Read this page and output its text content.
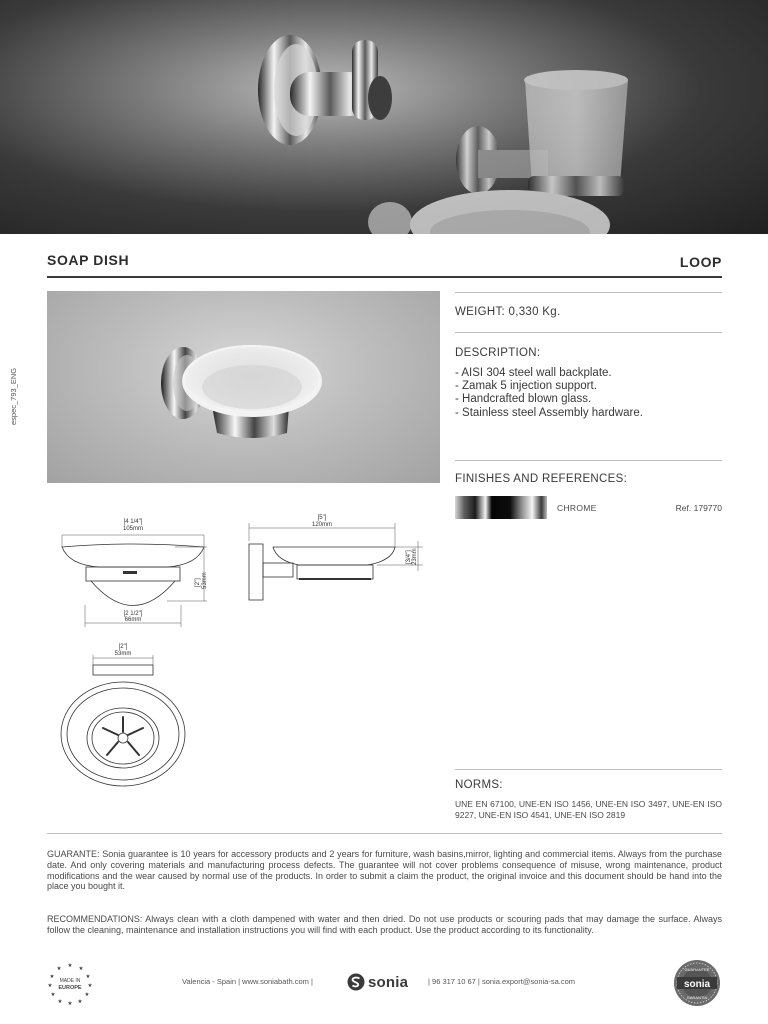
SOAP DISH	LOOP
espec_793_ENG
[4 1/4"]
105mm
[2"] 53mm
[2 1/2"]
66mm
[5"]
120mm
[3/4"] 23mm
[2"]
53mm
WEIGHT: 0,330 Kg.
DESCRIPTION:
- AISI 304 steel wall backplate.
- Zamak 5 injection support.
- Handcrafted blown glass.
- Stainless steel Assembly hardware.
FINISHES AND REFERENCES:
CHROME	Ref. 179770
NORMS:
UNE EN 67100, UNE-EN ISO 1456, UNE-EN ISO 3497, UNE-EN ISO 9227, UNE-EN ISO 4541, UNE-EN ISO 2819

GUARANTE: Sonia guarantee is 10 years for accessory products and 2 years for furniture, wash basins,mirror, lighting and commercial items. Always from the purchase date. And only covering materials and manufacturing process defects. The guarantee will not cover problems consequence of misuse, wrong maintenance, product modifications and the wear caused by normal use of the products. In order to submit a claim the product, the original invoice and this document should be hand into the place you bought it.

RECOMMENDATIONS: Always clean with a cloth dampened with water and then dried. Do not use products or scouring pads that may damage the surface. Always follow the cleaning, maintenance and installation instructions you will find with each product. Use the product according to its functionality.

★ ★
★
★
★
★
★
★
★
★
★
★
MADE IN
EUROPE
Valencia - Spain | www.soniabath.com |	sonia	| 96 317 10 67 | sonia.export@sonia-sa.com
GUARANTEE
sonia
GARANTÍA
